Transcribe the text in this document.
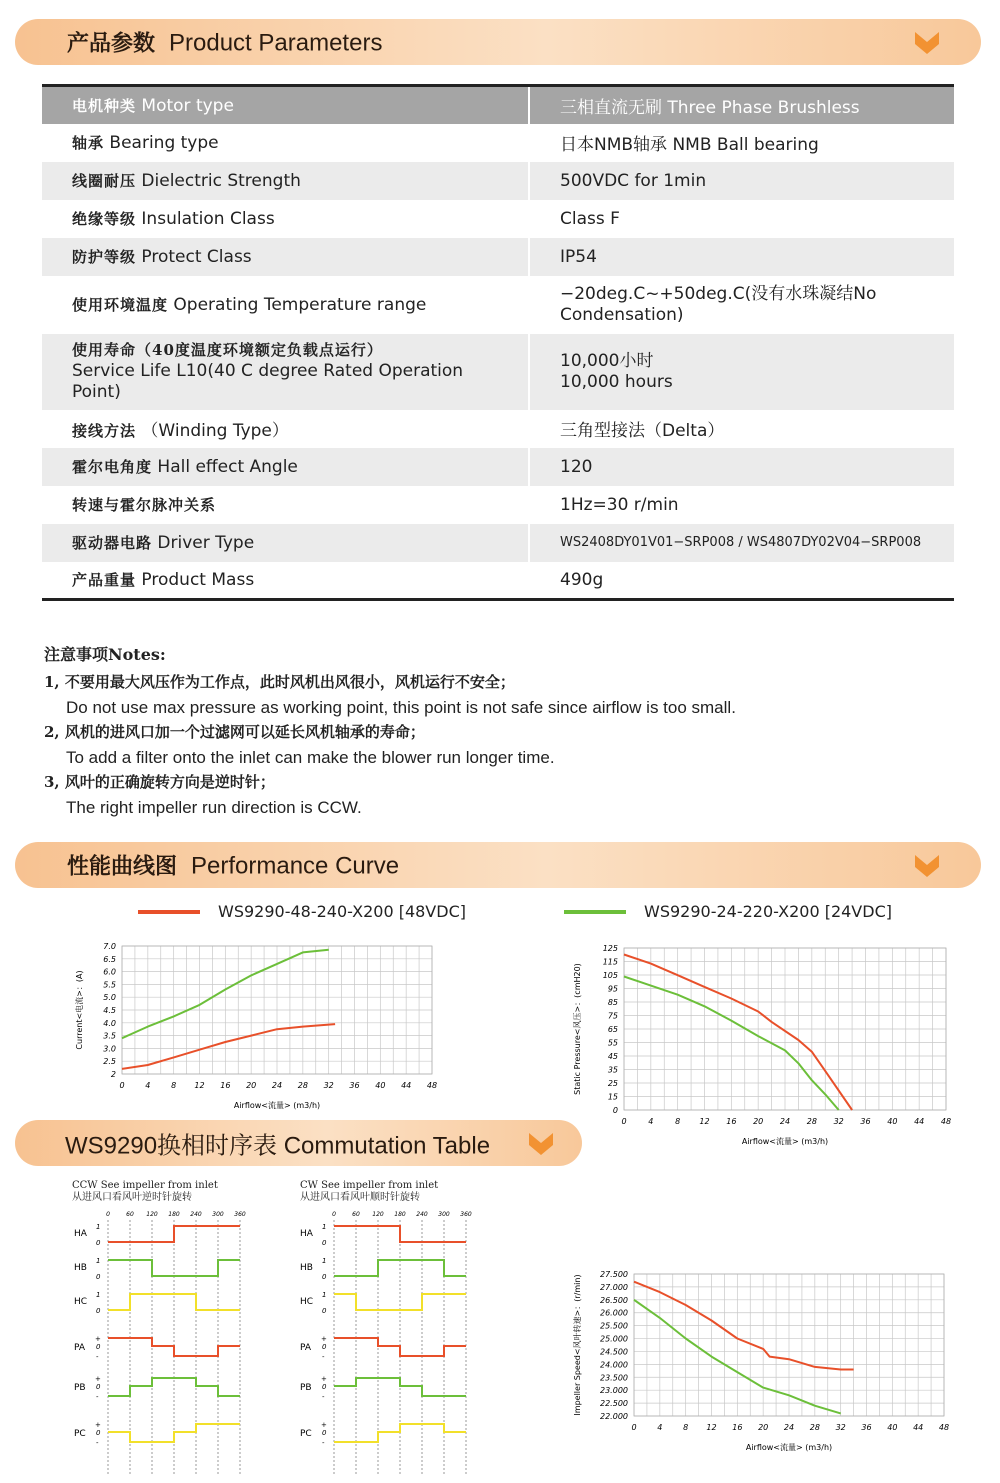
产品参数 Product Parameters
电机种类 Motor type	三相直流无刷 Three Phase Brushless
轴承 Bearing type	日本NMB轴承 NMB Ball bearing
线圈耐压 Dielectric Strength	500VDC for 1min
绝缘等级 Insulation Class	Class F
防护等级 Protect Class	IP54
使用环境温度 Operating Temperature range	−20deg.C~+50deg.C(没有水珠凝结No Condensation)
使用寿命（40度温度环境额定负载点运行）
Service Life L10(40 C degree Rated Operation Point)	10,000小时
10,000 hours
接线方法 （Winding Type）	三角型接法（Delta）
霍尔电角度 Hall effect Angle	120
转速与霍尔脉冲关系	1Hz=30 r/min
驱动器电路 Driver Type	WS2408DY01V01−SRP008 / WS4807DY02V04−SRP008
产品重量 Product Mass	490g
注意事项Notes:
1, 不要用最大风压作为工作点，此时风机出风很小，风机运行不安全；
Do not use max pressure as working point, this point is not safe since airflow is too small.
2, 风机的进风口加一个过滤网可以延长风机轴承的寿命；
To add a filter onto the inlet can make the blower run longer time.
3, 风叶的正确旋转方向是逆时针；
The right impeller run direction is CCW.
性能曲线图 Performance Curve
WS9290-48-240-X200 [48VDC]	WS9290-24-220-X200 [24VDC]
0	4	8 12 16 20 24 28 32 36 40 44 48
7.0
6.5
6.0
5.5
5.0
4.5
4.0
3.5
3.0
2.5
2
Airflow<流量> (m3/h)
Current<电流>：(A)
0	4	8 12 16 20 24 28 32 36 40 44 48
125
115
105
95
85
75
65
55
45
35
25
15
0
Airflow<流量> (m3/h)
Static Pressure<风压>：(cmH20)
0	4	8 12 16 20 24 28 32 36 40 44 48
27.500
27.000
26.500
26.000
25.500
25.000
24.500
24.000
23.500
23.000
22.500
22.000
Airflow<流量> (m3/h)
Impeller Speed<风叶转速>：(r/min)
WS9290换相时序表 Commutation Table
CCW See impeller from inlet
从进风口看风叶逆时针旋转
CW See impeller from inlet
从进风口看风叶顺时针旋转
0	60 120 180 240 300 360
HA
1
0
HB
1
0
HC
1
0
PA
+
0
-
PB
+
0
-
PC
+
0
-
0	60 120 180 240 300 360
HA
1
0
HB
1
0
HC
1
0
PA
+
0
-
PB
+
0
-
PC
+
0
-
